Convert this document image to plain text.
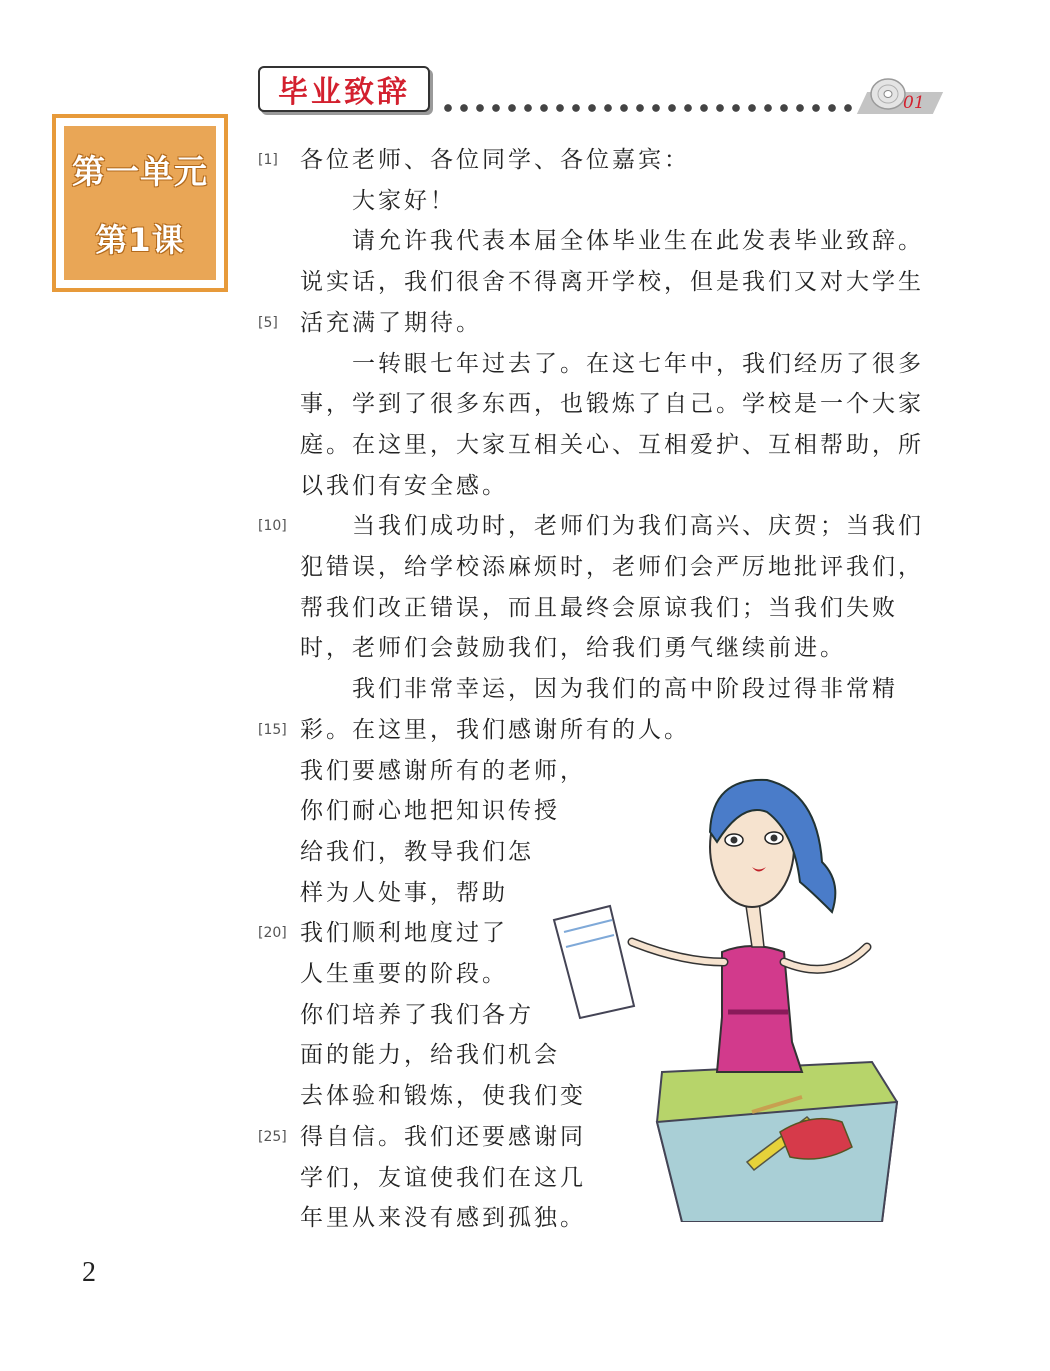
第一单元
第1课
毕业致辞	01
各位老师、各位同学、各位嘉宾：
[1]
大家好！
请允许我代表本届全体毕业生在此发表毕业致辞。
说实话，我们很舍不得离开学校，但是我们又对大学生
活充满了期待。
[5]
一转眼七年过去了。在这七年中，我们经历了很多
事，学到了很多东西，也锻炼了自己。学校是一个大家
庭。在这里，大家互相关心、互相爱护、互相帮助，所
以我们有安全感。
当我们成功时，老师们为我们高兴、庆贺；当我们
[10]
犯错误，给学校添麻烦时，老师们会严厉地批评我们，
帮我们改正错误，而且最终会原谅我们；当我们失败
时，老师们会鼓励我们，给我们勇气继续前进。
我们非常幸运，因为我们的高中阶段过得非常精
彩。在这里，我们感谢所有的人。
[15]
我们要感谢所有的老师，
你们耐心地把知识传授
给我们，教导我们怎
样为人处事，帮助
我们顺利地度过了
[20]
人生重要的阶段。
你们培养了我们各方
面的能力，给我们机会
去体验和锻炼，使我们变
得自信。我们还要感谢同
[25]
学们，友谊使我们在这几
年里从来没有感到孤独。
2
